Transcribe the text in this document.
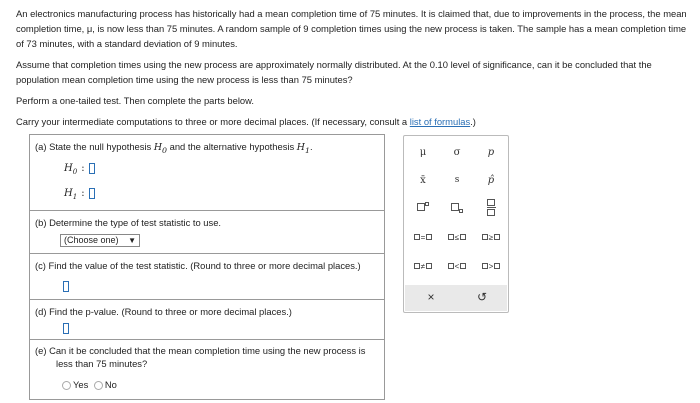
An electronics manufacturing process has historically had a mean completion time of 75 minutes. It is claimed that, due to improvements in the process, the mean completion time, μ, is now less than 75 minutes. A random sample of 9 completion times using the new process is taken. The sample has a mean completion time of 73 minutes, with a standard deviation of 9 minutes.

Assume that completion times using the new process are approximately normally distributed. At the 0.10 level of significance, can it be concluded that the population mean completion time using the new process is less than 75 minutes?

Perform a one-tailed test. Then complete the parts below.

Carry your intermediate computations to three or more decimal places. (If necessary, consult a list of formulas.)

(a) State the null hypothesis $H_0$ and the alternative hypothesis $H_1$.
$H_0$ :
$H_1$ :
(b) Determine the type of test statistic to use.
(Choose one) ▼
(c) Find the value of the test statistic. (Round to three or more decimal places.)
(d) Find the p-value. (Round to three or more decimal places.)
(e) Can it be concluded that the mean completion time using the new process is
less than 75 minutes?
Yes No
μ	σ	p
x̄	s	p̂
=	≤	≥
≠	<	>
×	↺
